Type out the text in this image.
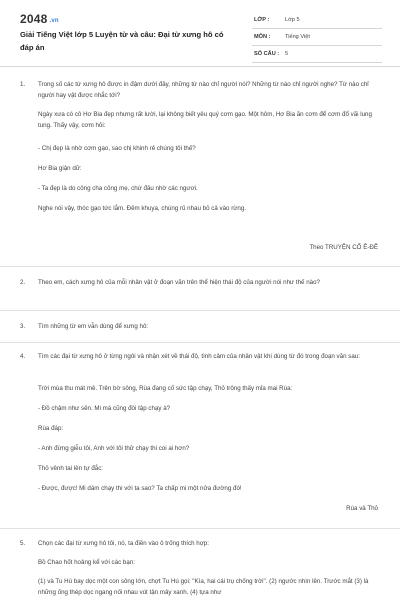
2048 .vn
Giải Tiếng Việt lớp 5 Luyện từ và câu: Đại từ xưng hô có đáp án
LỚP :	Lớp 5
MÔN :	Tiếng Việt
SỐ CÂU : 5
1.	Trong số các từ xưng hô được in đậm dưới đây, những từ nào chỉ người nói? Những từ nào chỉ người nghe? Từ nào chỉ người hay vật được nhắc tới?
Ngày xưa có cô Hơ Bia đẹp nhưng rất lười, lại không biết yêu quý cơm gạo. Một hôm, Hơ Bia ăn cơm để cơm đổ vãi lung tung. Thấy vậy, cơm hỏi:
- Chị đẹp là nhờ cơm gạo, sao chị khinh rẻ chúng tôi thế?
Hơ Bia giận dữ:
- Ta đẹp là do công cha công mẹ, chứ đâu nhờ các ngươi.
Nghe nói vậy, thóc gạo tức lắm. Đêm khuya, chúng rủ nhau bỏ cả vào rừng.
Theo TRUYỆN CỔ Ê-ĐÊ
2.	Theo em, cách xưng hô của mỗi nhân vật ở đoạn văn trên thể hiện thái độ của người nói như thế nào?
3.	Tìm những từ em vẫn dùng để xưng hô:
4.	Tìm các đại từ xưng hô ở từng ngôi và nhận xét về thái độ, tình cảm của nhân vật khi dùng từ đó trong đoạn văn sau:
Trời mùa thu mát mẻ. Trên bờ sông, Rùa đang cố sức tập chạy, Thỏ trông thấy mỉa mai Rùa:
- Đồ chậm như sên. Mi mà cũng đòi tập chạy à?
Rùa đáp:
- Anh đừng giễu tôi, Anh với tôi thử chạy thi coi ai hơn?
Thỏ vênh tai lên tự đắc:
- Được, được! Mi dám chạy thi với ta sao? Ta chấp mi một nửa đường đó!
Rùa và Thỏ
5.	Chọn các đại từ xưng hô tôi, nó, ta điền vào ô trống thích hợp:
Bồ Chao hốt hoảng kể với các bạn:
(1) và Tu Hú bay dọc một con sông lớn, chợt Tu Hú gọi: "Kìa, hai cái trụ chống trời". (2) ngước nhìn lên. Trước mắt (3) là những ống thép dọc ngang nối nhau vút tận mây xanh. (4) tựa như
